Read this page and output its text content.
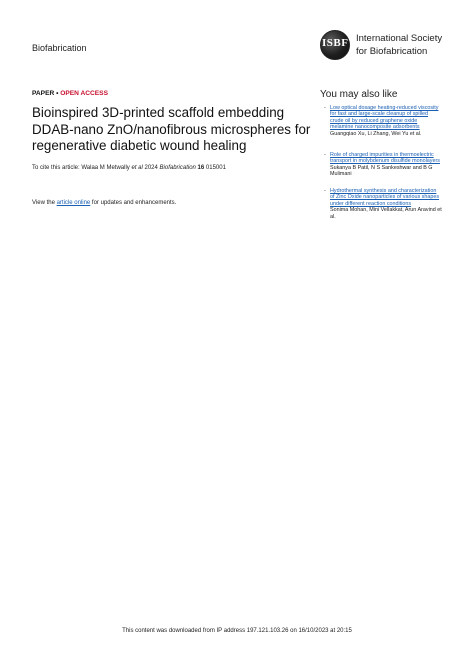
Biofabrication	ISBF International Society
for Biofabrication
PAPER • OPEN ACCESS
Bioinspired 3D-printed scaffold embedding DDAB-nano ZnO/nanofibrous microspheres for regenerative diabetic wound healing
To cite this article: Walaa M Metwally et al 2024 Biofabrication 16 015001
View the article online for updates and enhancements.
You may also like
- Low optical dosage heating-reduced viscosity for fast and large-scale cleanup of spilled crude oil by reduced graphene oxide melamine nanocomposite adsorbents
Guangqiao Xu, Li Zhang, Wei Yu et al.
- Role of charged impurities in thermoelectric transport in molybdenum disulfide monolayers
Sukanya B Patil, N S Sankeshwar and B G Mulimani
- Hydrothermal synthesis and characterization of Zinc Oxide nanoparticles of various shapes under different reaction conditions
Sonima Mohan, Mini Vellakkat, Arun Aravind et al.
This content was downloaded from IP address 197.121.103.26 on 16/10/2023 at 20:15
